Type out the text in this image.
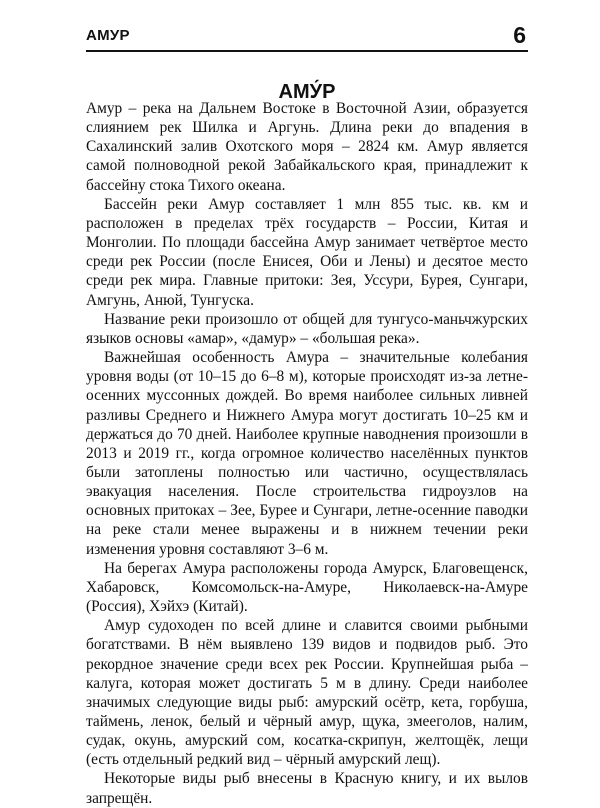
АМУР	6
АМУ́Р

Амур – река на Дальнем Востоке в Восточной Азии, образуется слиянием рек Шилка и Аргунь. Длина реки до впадения в Сахалинский залив Охотского моря – 2824 км. Амур является самой полноводной рекой Забайкальского края, принадлежит к бассейну стока Тихого океана.

Бассейн реки Амур составляет 1 млн 855 тыс. кв. км и расположен в пределах трёх государств – России, Китая и Монголии. По площади бассейна Амур занимает четвёртое место среди рек России (после Енисея, Оби и Лены) и десятое место среди рек мира. Главные притоки: Зея, Уссури, Бурея, Сунгари, Амгунь, Анюй, Тунгуска.

Название реки произошло от общей для тунгусо-маньчжурских языков основы «амар», «дамур» – «большая река».

Важнейшая особенность Амура – значительные колебания уровня воды (от 10–15 до 6–8 м), которые происходят из-за летне-осенних муссонных дождей. Во время наиболее сильных ливней разливы Среднего и Нижнего Амура могут достигать 10–25 км и держаться до 70 дней. Наиболее крупные наводнения произошли в 2013 и 2019 гг., когда огромное количество населённых пунктов были затоплены полностью или частично, осуществлялась эвакуация населения. После строительства гидроузлов на основных притоках – Зее, Бурее и Сунгари, летне-осенние паводки на реке стали менее выражены и в нижнем течении реки изменения уровня составляют 3–6 м.

На берегах Амура расположены города Амурск, Благовещенск, Хабаровск, Комсомольск-на-Амуре, Николаевск-на-Амуре (Россия), Хэйхэ (Китай).

Амур судоходен по всей длине и славится своими рыбными богатствами. В нём выявлено 139 видов и подвидов рыб. Это рекордное значение среди всех рек России. Крупнейшая рыба – калуга, которая может достигать 5 м в длину. Среди наиболее значимых следующие виды рыб: амурский осётр, кета, горбуша, таймень, ленок, белый и чёрный амур, щука, змееголов, налим, судак, окунь, амурский сом, косатка-скрипун, желтощёк, лещи (есть отдельный редкий вид – чёрный амурский лещ).

Некоторые виды рыб внесены в Красную книгу, и их вылов запрещён.
